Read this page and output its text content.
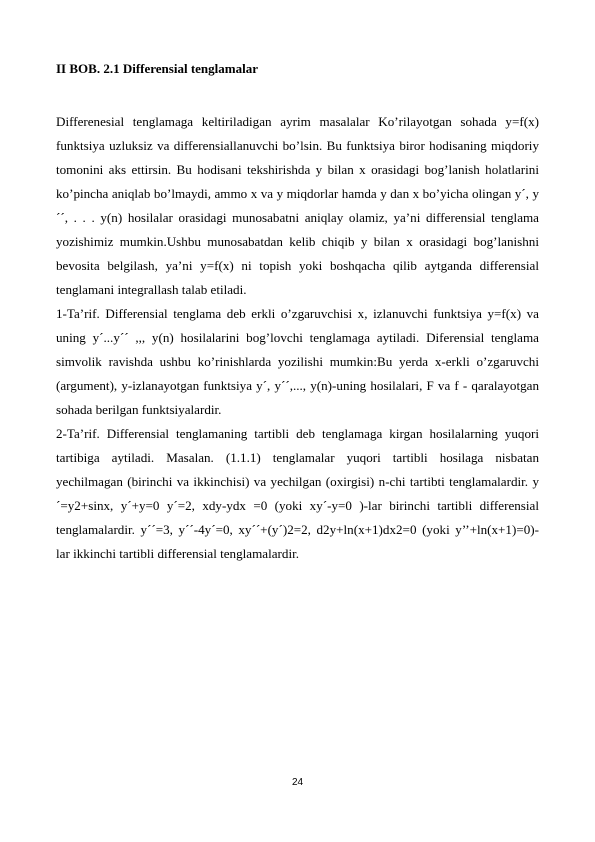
II BOB. 2.1 Differensial tenglamalar

Differenesial tenglamaga keltiriladigan ayrim masalalar Ko’rilayotgan sohada y=f(x) funktsiya uzluksiz va differensiallanuvchi bo’lsin. Bu funktsiya biror hodisaning miqdoriy tomonini aks ettirsin. Bu hodisani tekshirishda y bilan x orasidagi bog’lanish holatlarini ko’pincha aniqlab bo’lmaydi, ammo x va y miqdorlar hamda y dan x bo’yicha olingan y´, y´´, . . . y(n) hosilalar orasidagi munosabatni aniqlay olamiz, ya’ni differensial tenglama yozishimiz mumkin.Ushbu munosabatdan kelib chiqib y bilan x orasidagi bog’lanishni bevosita belgilash, ya’ni y=f(x) ni topish yoki boshqacha qilib aytganda differensial tenglamani integrallash talab etiladi.

1-Ta’rif. Differensial tenglama deb erkli o’zgaruvchisi x, izlanuvchi funktsiya y=f(x) va uning y´...y´´ ,,, y(n) hosilalarini bog’lovchi tenglamaga aytiladi. Diferensial tenglama simvolik ravishda ushbu ko’rinishlarda yozilishi mumkin:Bu yerda x-erkli o’zgaruvchi (argument), y-izlanayotgan funktsiya y´, y´´,..., y(n)-uning hosilalari, F va f - qaralayotgan sohada berilgan funktsiyalardir.

2-Ta’rif. Differensial tenglamaning tartibli deb tenglamaga kirgan hosilalarning yuqori tartibiga aytiladi. Masalan. (1.1.1) tenglamalar yuqori tartibli hosilaga nisbatan yechilmagan (birinchi va ikkinchisi) va yechilgan (oxirgisi) n-chi tartibti tenglamalardir. y´=y2+sinx, y´+y=0 y´=2, xdy-ydx =0 (yoki xy´-y=0 )-lar birinchi tartibli differensial tenglamalardir. y´´=3, y´´-4y´=0, xy´´+(y´)2=2, d2y+ln(x+1)dx2=0 (yoki y’’+ln(x+1)=0)-lar ikkinchi tartibli differensial tenglamalardir.

24
